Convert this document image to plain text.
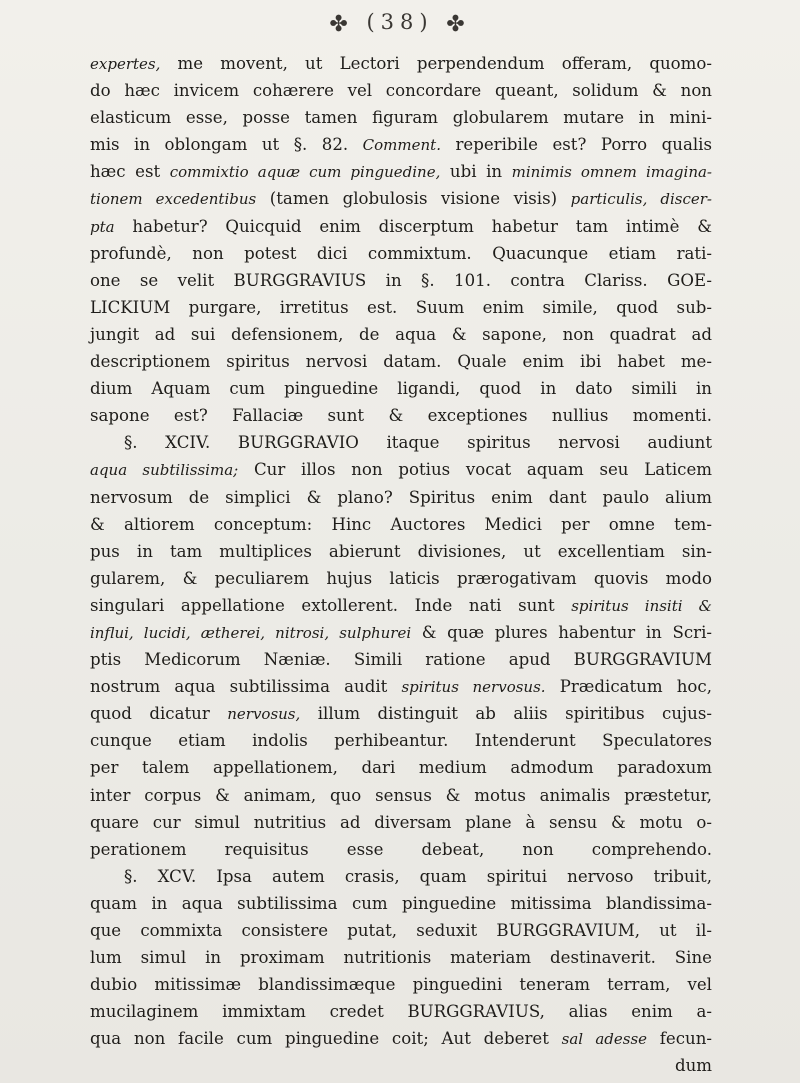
✤ (38) ✤
expertes, me movent, ut Lectori perpendendum offeram, quomo-
do hæc invicem cohærere vel concordare queant, solidum & non
elasticum esse, posse tamen figuram globularem mutare in mini-
mis in oblongam ut §. 82. Comment. reperibile est? Porro qualis
hæc est commixtio aquæ cum pinguedine, ubi in minimis omnem imagina-
tionem excedentibus (tamen globulosis visione visis) particulis, discer-
pta habetur? Quicquid enim discerptum habetur tam intimè &
profundè, non potest dici commixtum. Quacunque etiam rati-
one se velit BURGGRAVIUS in §. 101. contra Clariss. GOE-
LICKIUM purgare, irretitus est. Suum enim simile, quod sub-
jungit ad sui defensionem, de aqua & sapone, non quadrat ad
descriptionem spiritus nervosi datam. Quale enim ibi habet me-
dium Aquam cum pinguedine ligandi, quod in dato simili in
sapone est? Fallaciæ sunt & exceptiones nullius momenti.
§. XCIV. BURGGRAVIO itaque spiritus nervosi audiunt
aqua subtilissima; Cur illos non potius vocat aquam seu Laticem
nervosum de simplici & plano? Spiritus enim dant paulo alium
& altiorem conceptum: Hinc Auctores Medici per omne tem-
pus in tam multiplices abierunt divisiones, ut excellentiam sin-
gularem, & peculiarem hujus laticis prærogativam quovis modo
singulari appellatione extollerent. Inde nati sunt spiritus insiti &
influi, lucidi, ætherei, nitrosi, sulphurei & quæ plures habentur in Scri-
ptis Medicorum Næniæ. Simili ratione apud BURGGRAVIUM
nostrum aqua subtilissima audit spiritus nervosus. Prædicatum hoc,
quod dicatur nervosus, illum distinguit ab aliis spiritibus cujus-
cunque etiam indolis perhibeantur. Intenderunt Speculatores
per talem appellationem, dari medium admodum paradoxum
inter corpus & animam, quo sensus & motus animalis præstetur,
quare cur simul nutritius ad diversam plane à sensu & motu o-
perationem requisitus esse debeat, non comprehendo.
§. XCV. Ipsa autem crasis, quam spiritui nervoso tribuit,
quam in aqua subtilissima cum pinguedine mitissima blandissima-
que commixta consistere putat, seduxit BURGGRAVIUM, ut il-
lum simul in proximam nutritionis materiam destinaverit. Sine
dubio mitissimæ blandissimæque pinguedini teneram terram, vel
mucilaginem immixtam credet BURGGRAVIUS, alias enim a-
qua non facile cum pinguedine coit; Aut deberet sal adesse fecun-
dum
